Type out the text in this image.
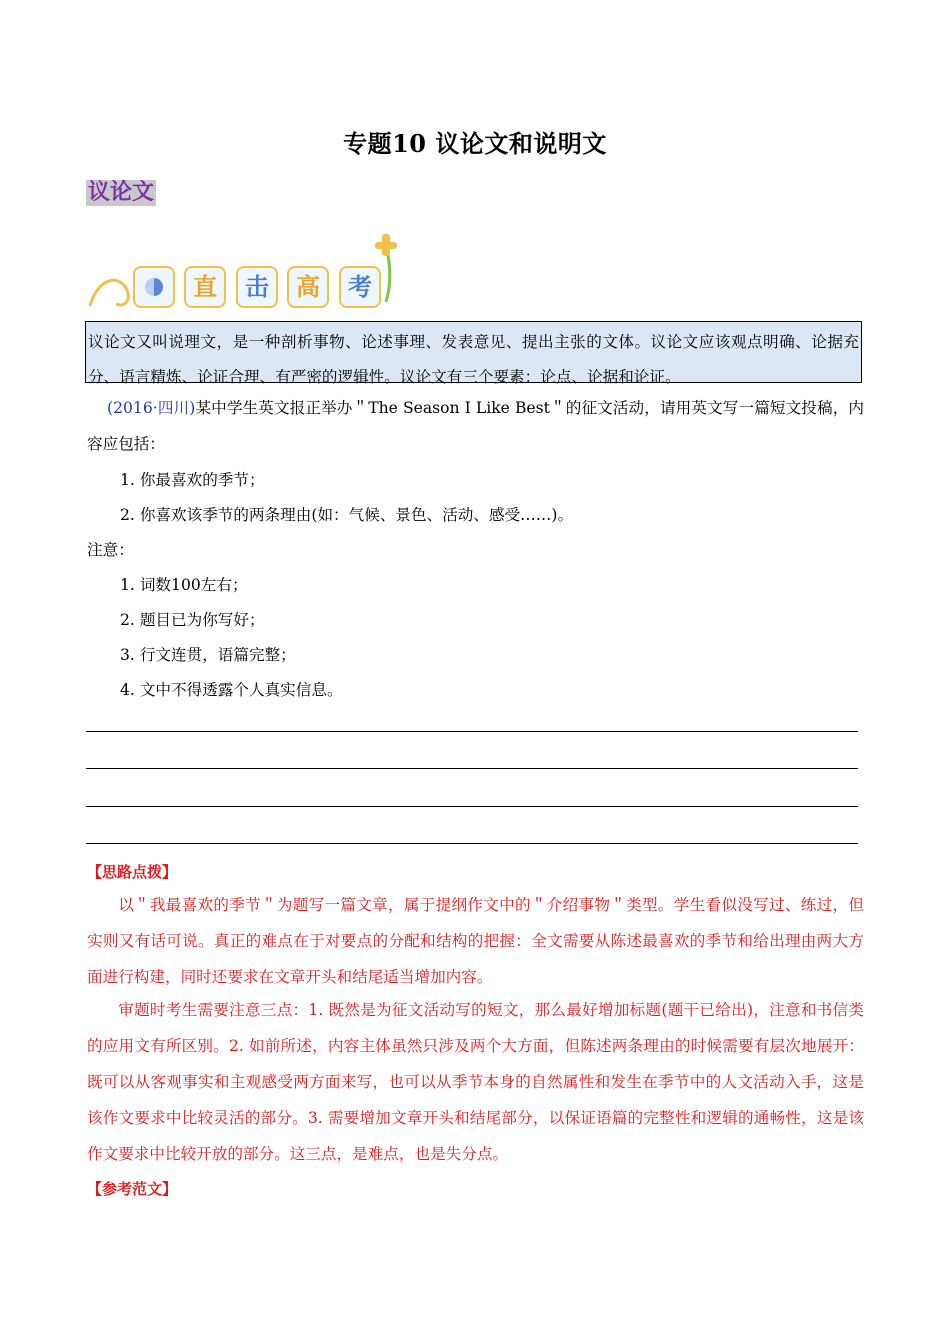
专题10 议论文和说明文
议论文
直	击	高	考
议论文又叫说理文，是一种剖析事物、论述事理、发表意见、提出主张的文体。议论文应该观点明确、论据充分、语言精炼、论证合理、有严密的逻辑性。议论文有三个要素：论点、论据和论证。
(2016·四川)某中学生英文报正举办＂The Season I Like Best＂的征文活动，请用英文写一篇短文投稿，内容应包括：
1. 你最喜欢的季节；
2. 你喜欢该季节的两条理由(如：气候、景色、活动、感受……)。
注意：
1. 词数100左右；
2. 题目已为你写好；
3. 行文连贯，语篇完整；
4. 文中不得透露个人真实信息。
【思路点拨】
以＂我最喜欢的季节＂为题写一篇文章，属于提纲作文中的＂介绍事物＂类型。学生看似没写过、练过，但实则又有话可说。真正的难点在于对要点的分配和结构的把握：全文需要从陈述最喜欢的季节和给出理由两大方面进行构建，同时还要求在文章开头和结尾适当增加内容。
审题时考生需要注意三点：1. 既然是为征文活动写的短文，那么最好增加标题(题干已给出)，注意和书信类的应用文有所区别。2. 如前所述，内容主体虽然只涉及两个大方面，但陈述两条理由的时候需要有层次地展开：既可以从客观事实和主观感受两方面来写，也可以从季节本身的自然属性和发生在季节中的人文活动入手，这是该作文要求中比较灵活的部分。3. 需要增加文章开头和结尾部分，以保证语篇的完整性和逻辑的通畅性，这是该作文要求中比较开放的部分。这三点，是难点，也是失分点。
【参考范文】
